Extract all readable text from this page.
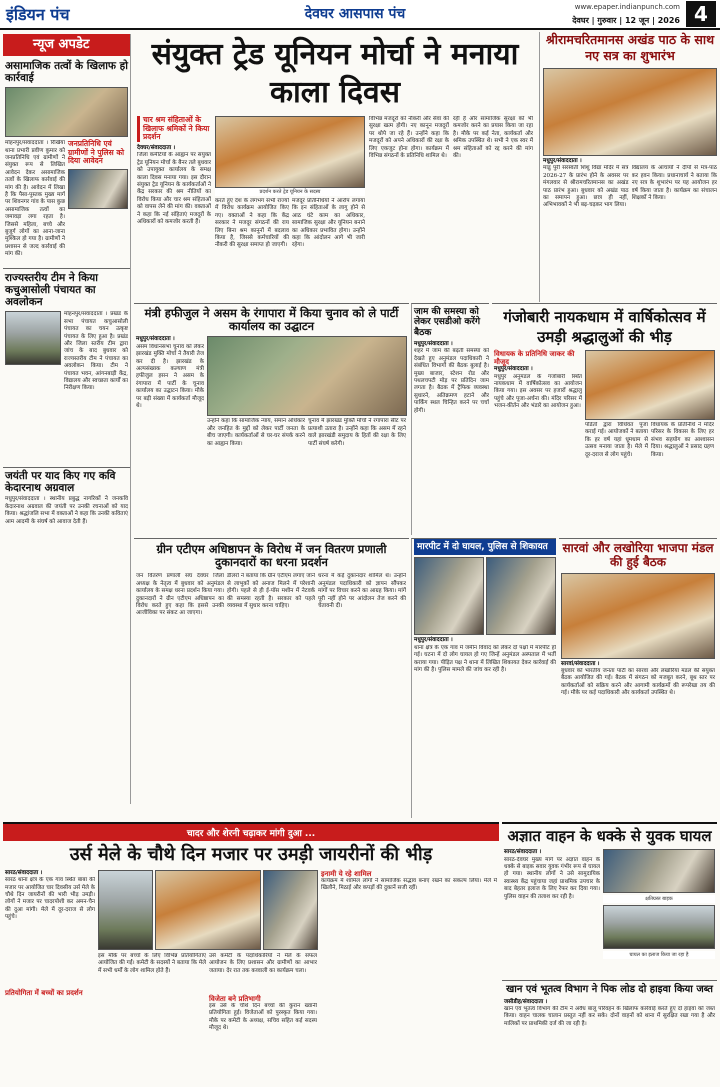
इंडियन पंच	देवघर आसपास पंच	www.epaper.indianpunch.com
देवघर | गुरुवार | 12 जून | 2026 4
न्यूज अपडेट
असामाजिक तत्वों के खिलाफ हो कार्रवाई
मोहनपुर/संवाददाता । रिखिया थाना प्रभारी प्रवीण कुमार को जनप्रतिनिधि एवं ग्रामीणों ने संयुक्त रूप से लिखित आवेदन देकर असामाजिक तत्वों के खिलाफ कार्रवाई की मांग की है। आवेदन में लिखा है कि पैसा-पुस्तक मुख्य मार्ग पर शिवनगर गांव के पास कुछ असामाजिक तत्वों का जमावड़ा लगा रहता है। जिससे महिला, बच्चे और बुजुर्ग लोगों का आना-जाना मुश्किल हो गया है। ग्रामीणों ने प्रशासन से जल्द कार्रवाई की मांग की।
जनप्रतिनिधि एवं ग्रामीणों ने पुलिस को दिया आवेदन
राज्यस्तरीय टीम ने किया कचुआसोली पंचायत का अवलोकन
मोहनपुर/संवाददाता । प्रखंड के सभा पंचायत कचुआसोली पंचायत का चयन उत्कृष्ट पंचायत के लिए हुआ है। प्रखंड और जिला स्तरीय टीम द्वारा जांच के बाद बुधवार को राज्यस्तरीय टीम ने पंचायत का अवलोकन किया। टीम ने पंचायत भवन, आंगनबाड़ी केंद्र, विद्यालय और स्वच्छता कार्यों का निरीक्षण किया।
जयंती पर याद किए गए कवि केदारनाथ अग्रवाल
मधुपुर/संवाददाता । स्थानीय प्रबुद्ध नागरिकों ने जनकवि केदारनाथ अग्रवाल की जयंती पर उनकी रचनाओं को याद किया। श्रद्धांजलि सभा में वक्ताओं ने कहा कि उनकी कविताएं आम आदमी के संघर्ष को आवाज देती हैं।
संयुक्त ट्रेड यूनियन मोर्चा ने मनाया काला दिवस
चार श्रम संहिताओं के खिलाफ श्रमिकों ने किया प्रदर्शन
देवघर/संवाददाता ।
जिला कमेटियों के आह्वान पर संयुक्त ट्रेड यूनियन मोर्चा के बैनर तले बुधवार को उपायुक्त कार्यालय के समक्ष काला दिवस मनाया गया। इस दौरान संयुक्त ट्रेड यूनियन के कार्यकर्ताओं ने केंद्र सरकार की श्रम नीतियों का विरोध किया और चार श्रम संहिताओं को वापस लेने की मांग की। वक्ताओं ने कहा कि नई संहिताएं मजदूरों के अधिकारों को कमजोर करती हैं।
प्रदर्शन करते ट्रेड यूनियन के सदस्य
करते हुए देश के लगभग सभी राज्यों में विरोध कार्यक्रम आयोजित किए गए। वक्ताओं ने कहा कि केंद्र सरकार ने मजदूर संगठनों की राय लिए बिना श्रम कानूनों में बदलाव किया है, जिससे कर्मचारियों की नौकरी की सुरक्षा समाप्त हो जाएगी।
मजदूर प्रतिनिधियों ने आरोप लगाया कि इन संहिताओं के लागू होने से आठ घंटे काम का अधिकार, सामाजिक सुरक्षा और यूनियन बनाने का अधिकार प्रभावित होगा। उन्होंने कहा कि आंदोलन आगे भी जारी रहेगा।
विभिन्न मजदूरों को नौकरी और सेवा की सुरक्षा खत्म होगी। नए कानून मजदूरों पर थोपे जा रहे हैं। उन्होंने कहा कि मजदूरों को अपने अधिकारों की रक्षा के लिए एकजुट होना होगा। कार्यक्रम में विभिन्न संगठनों के प्रतिनिधि शामिल थे।
रही हैं और सामाजिक सुरक्षा को भी कमजोर करने का प्रयास किया जा रहा है। मौके पर कई नेता, कार्यकर्ता और श्रमिक उपस्थित थे। सभी ने एक स्वर में श्रम संहिताओं को रद्द करने की मांग की।
श्रीरामचरितमानस अखंड पाठ के साथ नए सत्र का शुभारंभ
मधुपुर/संवाददाता ।
मांडू पुरी सरस्वती शिशु विद्या मंदिर में सत्र 2026-27 के प्रारंभ होने के अवसर पर मंगलवार से श्रीरामचरितमानस का अखंड पाठ प्रारंभ हुआ। बुधवार को अखंड पाठ का समापन हुआ। छात्र ही नहीं, अभिभावकों ने भी बढ़-चढ़कर भाग लिया।
विद्यालय के आचार्यों ने दीपों से मंत्र-पाठ कर हवन किया। प्रधानाचार्य ने बताया कि नए सत्र के शुभारंभ पर यह आयोजन हर वर्ष किया जाता है। कार्यक्रम का संचालन शिक्षकों ने किया।
मंत्री हफीजुल ने असम के रंगापारा में किया चुनाव को ले पार्टी कार्यालय का उद्घाटन
मधुपुर/संवाददाता ।
असम विधानसभा चुनाव को लेकर झारखंड मुक्ति मोर्चा ने तैयारी तेज कर दी है। झारखंड के अल्पसंख्यक कल्याण मंत्री हफीजुल हसन ने असम के रंगापारा में पार्टी के चुनाव कार्यालय का उद्घाटन किया। मौके पर बड़ी संख्या में कार्यकर्ता मौजूद थे।
उन्होंने कहा कि सामाजिक न्याय, समान अधिकार और जनहित के मुद्दों को लेकर पार्टी जनता के बीच जाएगी। कार्यकर्ताओं से घर-घर संपर्क करने का आह्वान किया।
चुनाव में झारखंड मुक्ति मोर्चा ने रंगापारा सीट पर प्रत्याशी उतारा है। उन्होंने कहा कि असम में रहने वाले झारखंडी समुदाय के हितों की रक्षा के लिए पार्टी संघर्ष करेगी।
जाम की समस्या को लेकर एसडीओ करेंगे बैठक
मधुपुर/संवाददाता ।
शहर में जाम की बढ़ती समस्या को देखते हुए अनुमंडल पदाधिकारी ने संबंधित विभागों की बैठक बुलाई है। मुख्य बाजार, स्टेशन रोड और पथलचपटी मोड़ पर प्रतिदिन जाम लगता है। बैठक में ट्रैफिक व्यवस्था सुधारने, अतिक्रमण हटाने और पार्किंग स्थल चिन्हित करने पर चर्चा होगी।
गंजोबारी नायकधाम में वार्षिकोत्सव में उमड़ी श्रद्धालुओं की भीड़
विधायक के प्रतिनिधि जाकर की मौजूद
मधुपुर/संवाददाता ।
मधुपुर अनुमंडल के गंजोबारी स्थित नायकधाम में वार्षिकोत्सव का आयोजन किया गया। इस अवसर पर हजारों श्रद्धालु पहुंचे और पूजा-अर्चना की। मंदिर परिसर में भजन-कीर्तन और भंडारे का आयोजन हुआ।
पंडितों द्वारा विधिवत पूजा कराई गई। आयोजकों ने बताया कि हर वर्ष यहां धूमधाम से उत्सव मनाया जाता है। मेले में दूर-दराज से लोग पहुंचे।
विधायक के प्रतिनिधि ने मंदिर परिसर के विकास के लिए हर संभव सहयोग का आश्वासन दिया। श्रद्धालुओं ने प्रसाद ग्रहण किया।
ग्रीन एटीएम अधिष्ठापन के विरोध में जन वितरण प्रणाली दुकानदारों का धरना प्रदर्शन
जन वितरण प्रणाली संघ देवघर जिला अध्यक्ष के नेतृत्व में बुधवार को अनुमंडल कार्यालय के समक्ष धरना प्रदर्शन किया गया। दुकानदारों ने ग्रीन एटीएम अधिष्ठापन का विरोध करते हुए कहा कि इससे उनकी आजीविका पर संकट आ जाएगा।
डीलरों ने बताया कि ग्रीन एटीएम लगाए जाने से लाभुकों को अनाज मिलने में परेशानी होगी। पहले से ही ई-पॉस मशीन में नेटवर्क की समस्या रहती है। सरकार को पहले व्यवस्था में सुधार करना चाहिए।
धरना में कई दुकानदार शामिल थे। उन्होंने अनुमंडल पदाधिकारी को ज्ञापन सौंपकर मांगों पर विचार करने का आग्रह किया। मांगें पूरी नहीं होने पर आंदोलन तेज करने की चेतावनी दी।
मारपीट में दो घायल, पुलिस से शिकायत
मधुपुर/संवाददाता ।
थाना क्षेत्र के एक गांव में जमीन विवाद को लेकर दो पक्षों में मारपीट हो गई। घटना में दो लोग घायल हो गए जिन्हें अनुमंडल अस्पताल में भर्ती कराया गया। पीड़ित पक्ष ने थाना में लिखित शिकायत देकर कार्रवाई की मांग की है। पुलिस मामले की जांच कर रही है।
सारवां और लखोरिया भाजपा मंडल की हुई बैठक
सारवां/संवाददाता ।
बुधवार को भारतीय जनता पार्टी का सारवां और लखोरिया मंडल की संयुक्त बैठक आयोजित की गई। बैठक में संगठन को मजबूत करने, बूथ स्तर पर कार्यकर्ताओं को सक्रिय करने और आगामी कार्यक्रमों की रूपरेखा तय की गई। मौके पर कई पदाधिकारी और कार्यकर्ता उपस्थित थे।
चादर और शेरनी चढ़ाकर मांगी दुआ ...
उर्स मेले के चौथे दिन मजार पर उमड़ी जायरीनों की भीड़
सारठ/संवाददाता ।
सारठ थाना क्षेत्र के एक गांव स्थित बाबा की मजार पर आयोजित चार दिवसीय उर्स मेले के चौथे दिन जायरीनों की भारी भीड़ उमड़ी। लोगों ने मजार पर चादरपोशी कर अमन-चैन की दुआ मांगी। मेले में दूर-दराज से लोग पहुंचे।
प्रतियोगिता में बच्चों का प्रदर्शन
इस मौके पर बच्चों के लिए विभिन्न प्रतियोगिताएं आयोजित की गईं। कमेटी के सदस्यों ने बताया कि मेले में सभी धर्मों के लोग शामिल होते हैं।
उर्स कमेटी के पदाधिकारियों ने मेले के सफल आयोजन के लिए प्रशासन और ग्रामीणों का आभार जताया। देर रात तक कव्वाली का कार्यक्रम चला।
विजेता बने प्रतिभागी
इस उर्स के चौथे दिन बच्चों की कुरान ख्वानी प्रतियोगिता हुई। विजेताओं को पुरस्कृत किया गया। मौके पर कमेटी के अध्यक्ष, सचिव सहित कई सदस्य मौजूद थे।
इनामी ये रहे शामिल
कार्यक्रम में शामिल लोगों ने सामाजिक सद्भाव बनाए रखने का संकल्प लिया। मेले में खिलौने, मिठाई और कपड़ों की दुकानें सजी रहीं।
अज्ञात वाहन के धक्के से युवक घायल
सारठ/संवाददाता ।
सारठ-देवघर मुख्य मार्ग पर अज्ञात वाहन के धक्के से बाइक सवार युवक गंभीर रूप से घायल हो गया। स्थानीय लोगों ने उसे सामुदायिक स्वास्थ्य केंद्र पहुंचाया जहां प्राथमिक उपचार के बाद बेहतर इलाज के लिए रेफर कर दिया गया। पुलिस वाहन की तलाश कर रही है।	क्षतिग्रस्त बाइक
घायल का इलाज किया जा रहा है
खान एवं भूतत्व विभाग ने पिक लोड दो हाइवा किया जब्त
जसीडीह/संवाददाता ।
खान एवं भूतत्व विभाग की टीम ने अवैध बालू परिवहन के खिलाफ कार्रवाई करते हुए दो हाइवा को जब्त किया। वाहन चालक चालान प्रस्तुत नहीं कर सके। दोनों वाहनों को थाना में सुरक्षित रखा गया है और मालिकों पर प्राथमिकी दर्ज की जा रही है।
